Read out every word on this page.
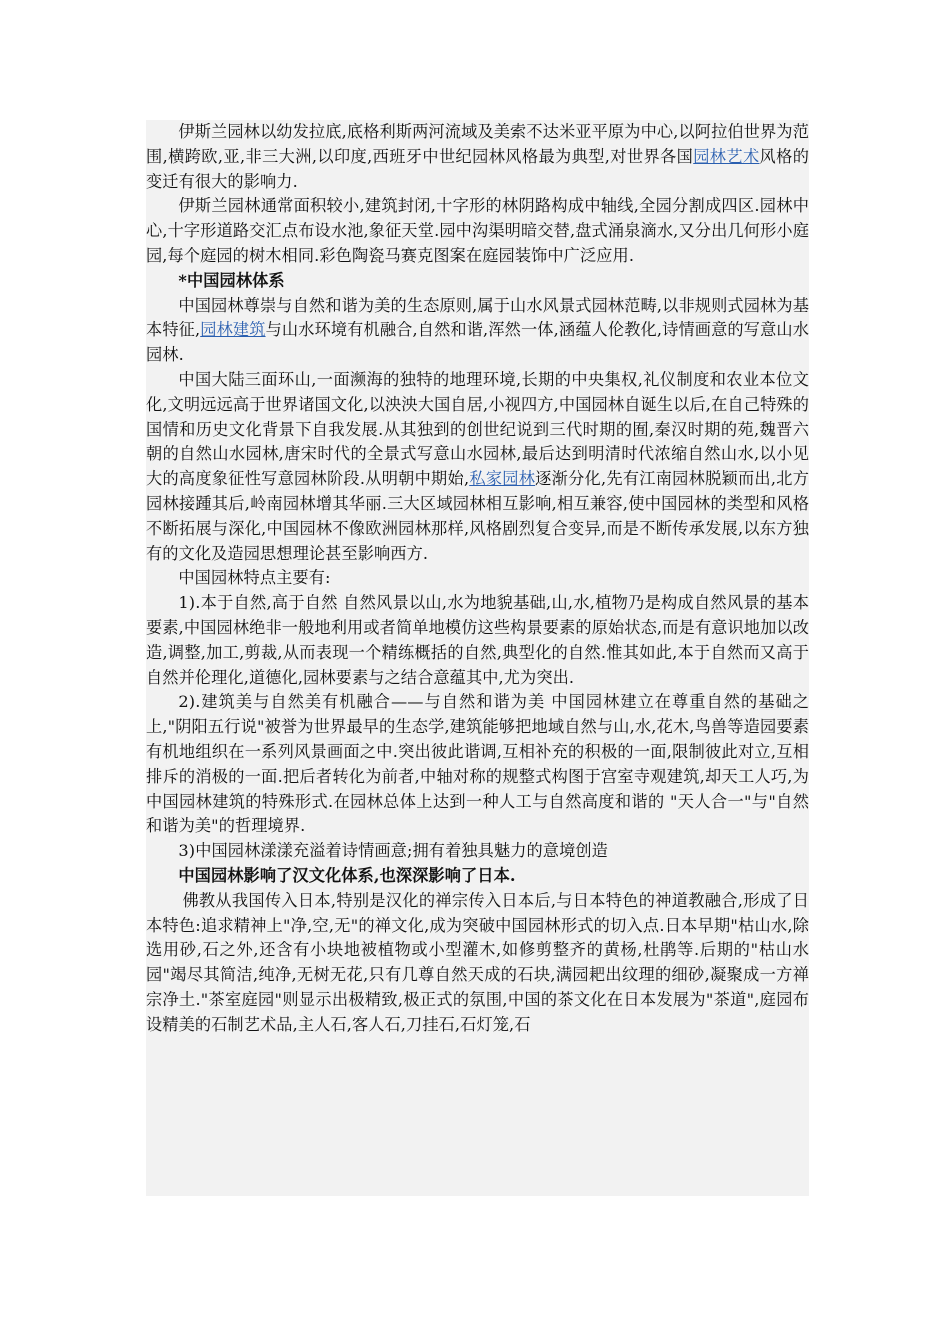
伊斯兰园林以幼发拉底,底格利斯两河流域及美索不达米亚平原为中心,以阿拉伯世界为范围,横跨欧,亚,非三大洲,以印度,西班牙中世纪园林风格最为典型,对世界各国园林艺术风格的变迁有很大的影响力.

伊斯兰园林通常面积较小,建筑封闭,十字形的林阴路构成中轴线,全园分割成四区.园林中心,十字形道路交汇点布设水池,象征天堂.园中沟渠明暗交替,盘式涌泉滴水,又分出几何形小庭园,每个庭园的树木相同.彩色陶瓷马赛克图案在庭园装饰中广泛应用.

*中国园林体系

中国园林尊崇与自然和谐为美的生态原则,属于山水风景式园林范畴,以非规则式园林为基本特征,园林建筑与山水环境有机融合,自然和谐,浑然一体,涵蕴人伦教化,诗情画意的写意山水园林.

中国大陆三面环山,一面濒海的独特的地理环境,长期的中央集权,礼仪制度和农业本位文化,文明远远高于世界诸国文化,以泱泱大国自居,小视四方,中国园林自诞生以后,在自己特殊的国情和历史文化背景下自我发展.从其独到的创世纪说到三代时期的囿,秦汉时期的苑,魏晋六朝的自然山水园林,唐宋时代的全景式写意山水园林,最后达到明清时代浓缩自然山水,以小见大的高度象征性写意园林阶段.从明朝中期始,私家园林逐渐分化,先有江南园林脱颖而出,北方园林接踵其后,岭南园林增其华丽.三大区域园林相互影响,相互兼容,使中国园林的类型和风格不断拓展与深化,中国园林不像欧洲园林那样,风格剧烈复合变异,而是不断传承发展,以东方独有的文化及造园思想理论甚至影响西方.

中国园林特点主要有:

1).本于自然,高于自然 自然风景以山,水为地貌基础,山,水,植物乃是构成自然风景的基本要素,中国园林绝非一般地利用或者简单地模仿这些构景要素的原始状态,而是有意识地加以改造,调整,加工,剪裁,从而表现一个精练概括的自然,典型化的自然.惟其如此,本于自然而又高于自然并伦理化,道德化,园林要素与之结合意蕴其中,尤为突出.

2).建筑美与自然美有机融合——与自然和谐为美 中国园林建立在尊重自然的基础之上,"阴阳五行说"被誉为世界最早的生态学,建筑能够把地域自然与山,水,花木,鸟兽等造园要素有机地组织在一系列风景画面之中.突出彼此谐调,互相补充的积极的一面,限制彼此对立,互相排斥的消极的一面.把后者转化为前者,中轴对称的规整式构图于宫室寺观建筑,却天工人巧,为中国园林建筑的特殊形式.在园林总体上达到一种人工与自然高度和谐的 "天人合一"与"自然和谐为美"的哲理境界.

3)中国园林漾漾充溢着诗情画意;拥有着独具魅力的意境创造

中国园林影响了汉文化体系,也深深影响了日本.

佛教从我国传入日本,特别是汉化的禅宗传入日本后,与日本特色的神道教融合,形成了日本特色:追求精神上"净,空,无"的禅文化,成为突破中国园林形式的切入点.日本早期"枯山水,除选用砂,石之外,还含有小块地被植物或小型灌木,如修剪整齐的黄杨,杜鹃等.后期的"枯山水园"竭尽其简洁,纯净,无树无花,只有几尊自然天成的石块,满园耙出纹理的细砂,凝聚成一方禅宗净土."茶室庭园"则显示出极精致,极正式的氛围,中国的茶文化在日本发展为"茶道",庭园布设精美的石制艺术品,主人石,客人石,刀挂石,石灯笼,石
